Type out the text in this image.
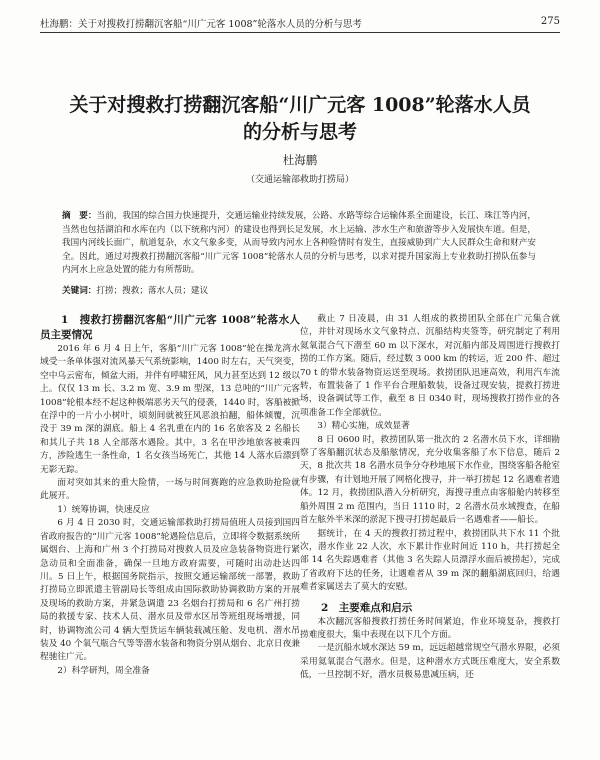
杜海鹏：关于对搜救打捞翻沉客船“川广元客 1008”轮落水人员的分析与思考	275
关于对搜救打捞翻沉客船“川广元客 1008”轮落水人员的分析与思考
杜海鹏
（交通运输部救助打捞局）
摘　要：当前，我国的综合国力快速提升，交通运输业持续发展，公路、水路等综合运输体系全面建设，长江、珠江等内河，当然也包括湖泊和水库在内（以下统称内河）的建设也得到长足发展，水上运输、涉水生产和旅游等步入发展快车道。但是，我国内河线长面广，航道复杂，水文气象多变，从而导致内河水上各种险情时有发生，直接威胁到广大人民群众生命和财产安全。因此，通过对搜救打捞翻沉客船“川广元客 1008”轮落水人员的分析与思考，以求对提升国家海上专业救助打捞队伍参与内河水上应急处置的能力有所帮助。
关键词：打捞；搜救；落水人员；建议

1　搜救打捞翻沉客船“川广元客 1008”轮落水人员主要情况

2016 年 6 月 4 日上午，客船“川广元客 1008”轮在操龙湾水域受一条单体强对流风暴天气系统影响，1400 时左右，天气突变，空中乌云密布，倾盆大雨，并伴有呼啸狂风，风力甚至达到 12 级以上。仅仅 13 m 长、3.2 m 宽、3.9 m 型深，13 总吨的“川广元客 1008”轮根本经不起这种极端恶劣天气的侵袭，1440 时，客船被掀在浮中的一片小小树叶，顷刻间就被狂风恶浪拍翻，船体倾覆，沉没于 39 m 深的湖底。船上 4 名乳重在内的 16 名旅客及 2 名船长和其儿子共 18 人全部落水遇险。其中，3 名在甲沙地旅客被乘四方，涉险逃生一条性命，1 名女孩当场死亡，其他 14 人落水后漂到无影无踪。

面对突如其来的重大险情，一场与时间赛跑的应急救助抢险就此展开。

1）统筹协调，快速反应

6 月 4 日 2030 时，交通运输部救助打捞局值班人员接到国四省政府报告的“川广元客 1008”轮遇险信息后，立即将令数据系统所属烟台、上海和广州 3 个打捞局对搜救人员及应急装备物资进行紧急动员和全面准备，确保一旦地方政府需要，可随时出动赴达四川。5 日上午，根据国务院指示，按照交通运输部统一部署，救助打捞局立即派遣主管副局长等组成由国际救助协调救助方案的开展及现场的救助方案，并紧急调遣 23 名烟台打捞局和 6 名广州打捞局的救援专家、技术人员、潜水员及带水区吊等班组现场增援，同时，协调物流公司 4 辆大型货运车辆装载减压舱、发电机、潜水吊装及 40 个氧气瓶合气等等潜水装备和物资分别从烟台、北京日夜兼程驰往广元。

2）科学研判，周全准备

截止 7 日凌晨，由 31 人组成的救捞团队全部在广元集合就位，并针对现场水文气象特点、沉船结构夹签等，研究制定了利用氦氧混合气下潜至 60 m 以下深水，对沉船内部及周围进行搜救打捞的工作方案。随后，经过数 3 000 km 的转运，近 200 件、超过 70 t 的带水装备物资运送至现场。救捞团队迅速高效，利用汽车流转，布置装备了 1 作平台合理船数装，设备过现安装，提救打捞进场，设备调试等工作，截至 8 日 0340 时，现场搜救打捞作业的各项准备工作全部就位。

3）精心实施，成效显著

8 日 0600 时，救捞团队第一批次的 2 名潜水员下水，详细勘察了客船翻沉状态及船舷情况，充分收集客船了水下信息，随后 2 天，8 批次共 18 名潜水员争分夺秒地展下水作业，围绕客船各舱室有步骤，有计划地开展了网格化搜寻，并一举打捞起 12 名遇难者遗体。12 月，救捞团队潜入分析研究，海搜寻重点由客船舱内转移至船外周围 2 m 范围内，当日 1110 时，2 名潜水员水域搜查，在船首左舷外半米深的淤泥下搜寻打捞起最后一名遇难者——船长。

据统计，在 4 天的搜救打捞过程中，救捞团队共下水 11 个批次，潜水作业 22 人次，水下累计作业时间近 110 h，共打捞起全部 14 名失踪遇难者（其他 3 名失踪人员漂浮水面后被捞起），完成了省政府下达的任务，让遇难者从 39 m 深的翻船湖底回归，给遇难者家属送去了莫大的安慰。

2　主要难点和启示

本次翻沉客船搜救打捞任务时间紧迫，作业环境复杂，搜救打捞难度很大，集中表现在以下几个方面。

一是沉船水域水深达 59 m，远远超越常规空气潜水界限，必须采用氦氧混合气潜水。但是，这种潜水方式既压难度大，安全系数低，一旦控制不好，潜水员极易患减压病，还
